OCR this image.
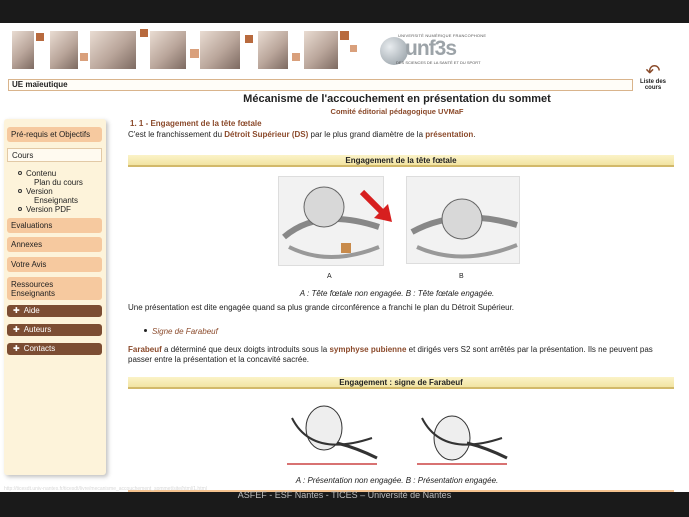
UNIVERSITÉ NUMÉRIQUE FRANCOPHONE
unf3s
DES SCIENCES DE LA SANTÉ ET DU SPORT	↶
Liste des cours
UE maïeutique
Pré-requis et Objectifs
Cours
Contenu
Plan du cours
Version
Enseignants
Version PDF
Evaluations
Annexes
Votre Avis
Ressources Enseignants
✚ Aide
✚ Auteurs
✚ Contacts
Mécanisme de l'accouchement en présentation du sommet
Comité éditorial pédagogique UVMaF
1. 1 - Engagement de la tête fœtale
C'est le franchissement du Détroit Supérieur (DS) par le plus grand diamètre de la présentation.
Engagement de la tête fœtale
A	B
A : Tête fœtale non engagée. B : Tête fœtale engagée.
Une présentation est dite engagée quand sa plus grande circonférence a franchi le plan du Détroit Supérieur.
Signe de Farabeuf
Farabeuf a déterminé que deux doigts introduits sous la symphyse pubienne et dirigés vers S2 sont arrêtés par la présentation. Ils ne peuvent pas passer entre la présentation et la concavité sacrée.
Engagement : signe de Farabeuf
A : Présentation non engagée. B : Présentation engagée.
http://ticesdt.univ-nantes.fr/ticesdt/livre/mecanisme_accouchement_sommet/site/html/1.html
ASFEF - ESF Nantes - TICES – Université de Nantes
